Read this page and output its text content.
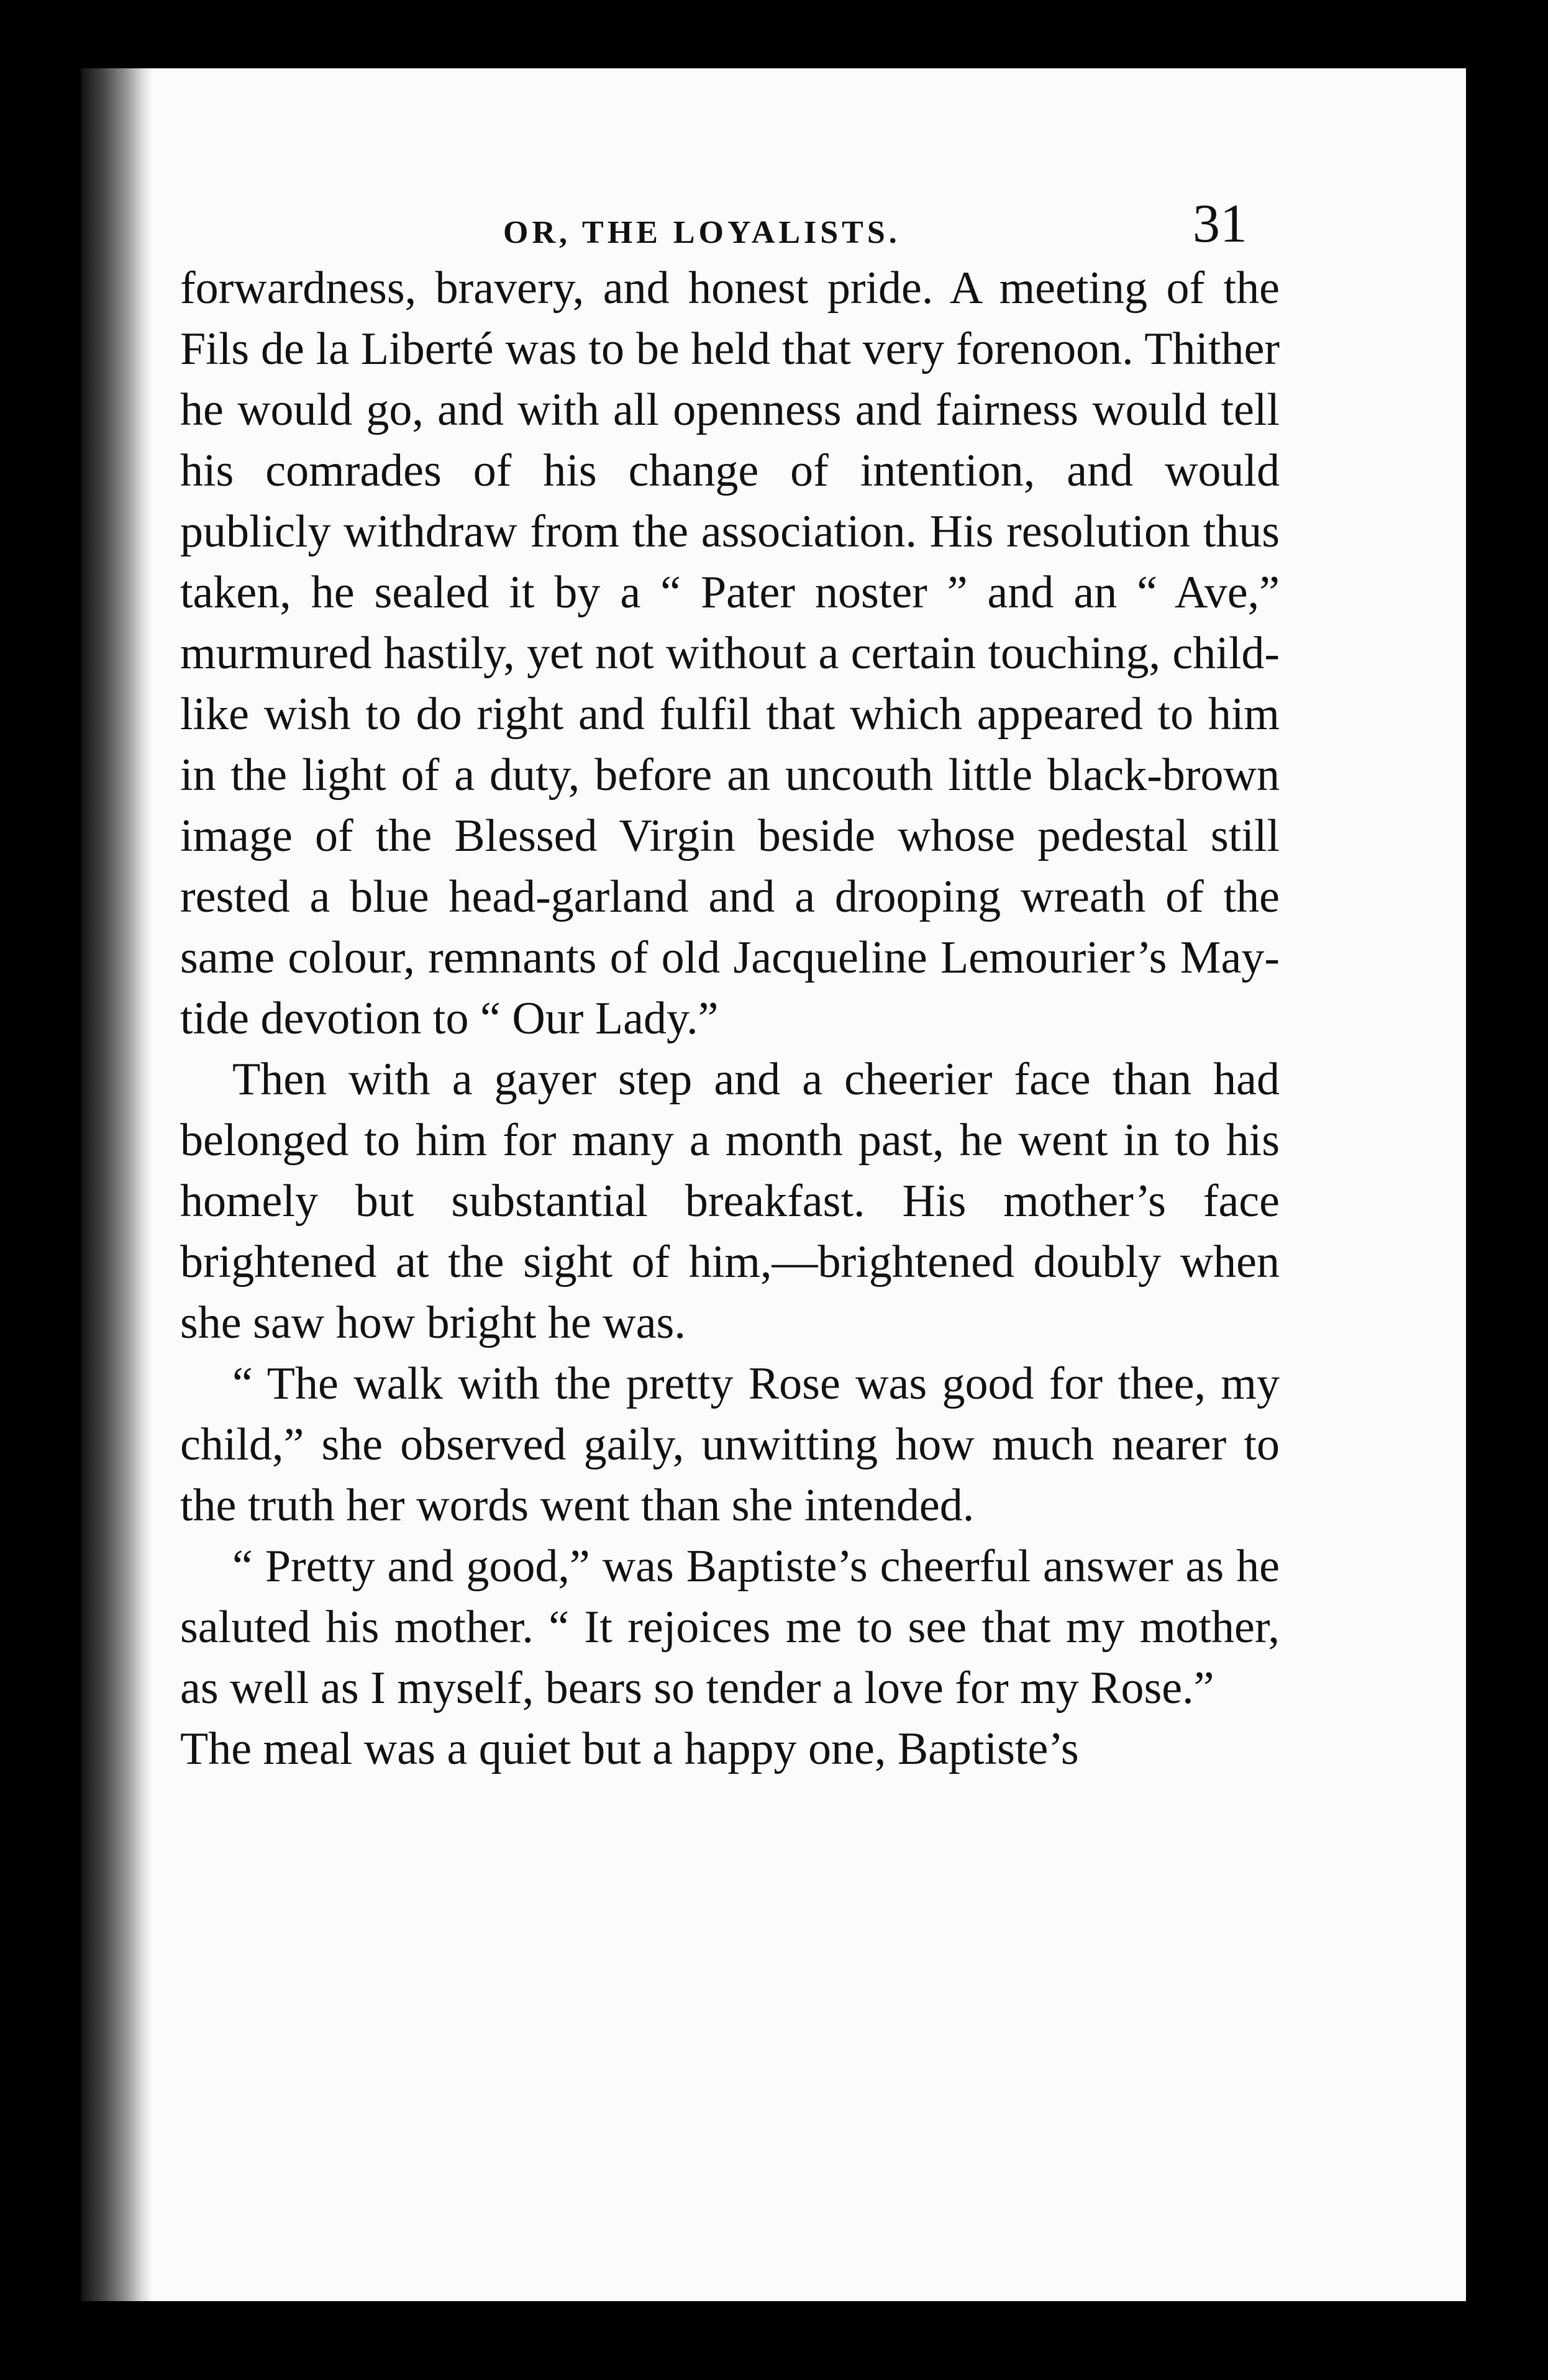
OR, THE LOYALISTS.	31

forwardness, bravery, and honest pride. A meeting of the Fils de la Liberté was to be held that very forenoon. Thither he would go, and with all openness and fairness would tell his comrades of his change of intention, and would publicly withdraw from the association. His resolution thus taken, he sealed it by a “ Pater noster ” and an “ Ave,” murmured hastily, yet not without a certain touching, child-like wish to do right and fulfil that which appeared to him in the light of a duty, before an uncouth little black-brown image of the Blessed Virgin beside whose pedestal still rested a blue head-garland and a drooping wreath of the same colour, remnants of old Jacqueline Lemourier’s May-tide devotion to “ Our Lady.”

Then with a gayer step and a cheerier face than had belonged to him for many a month past, he went in to his homely but substantial breakfast. His mother’s face brightened at the sight of him,—brightened doubly when she saw how bright he was.

“ The walk with the pretty Rose was good for thee, my child,” she observed gaily, unwitting how much nearer to the truth her words went than she intended.

“ Pretty and good,” was Baptiste’s cheerful answer as he saluted his mother. “ It rejoices me to see that my mother, as well as I myself, bears so tender a love for my Rose.”

The meal was a quiet but a happy one, Baptiste’s
